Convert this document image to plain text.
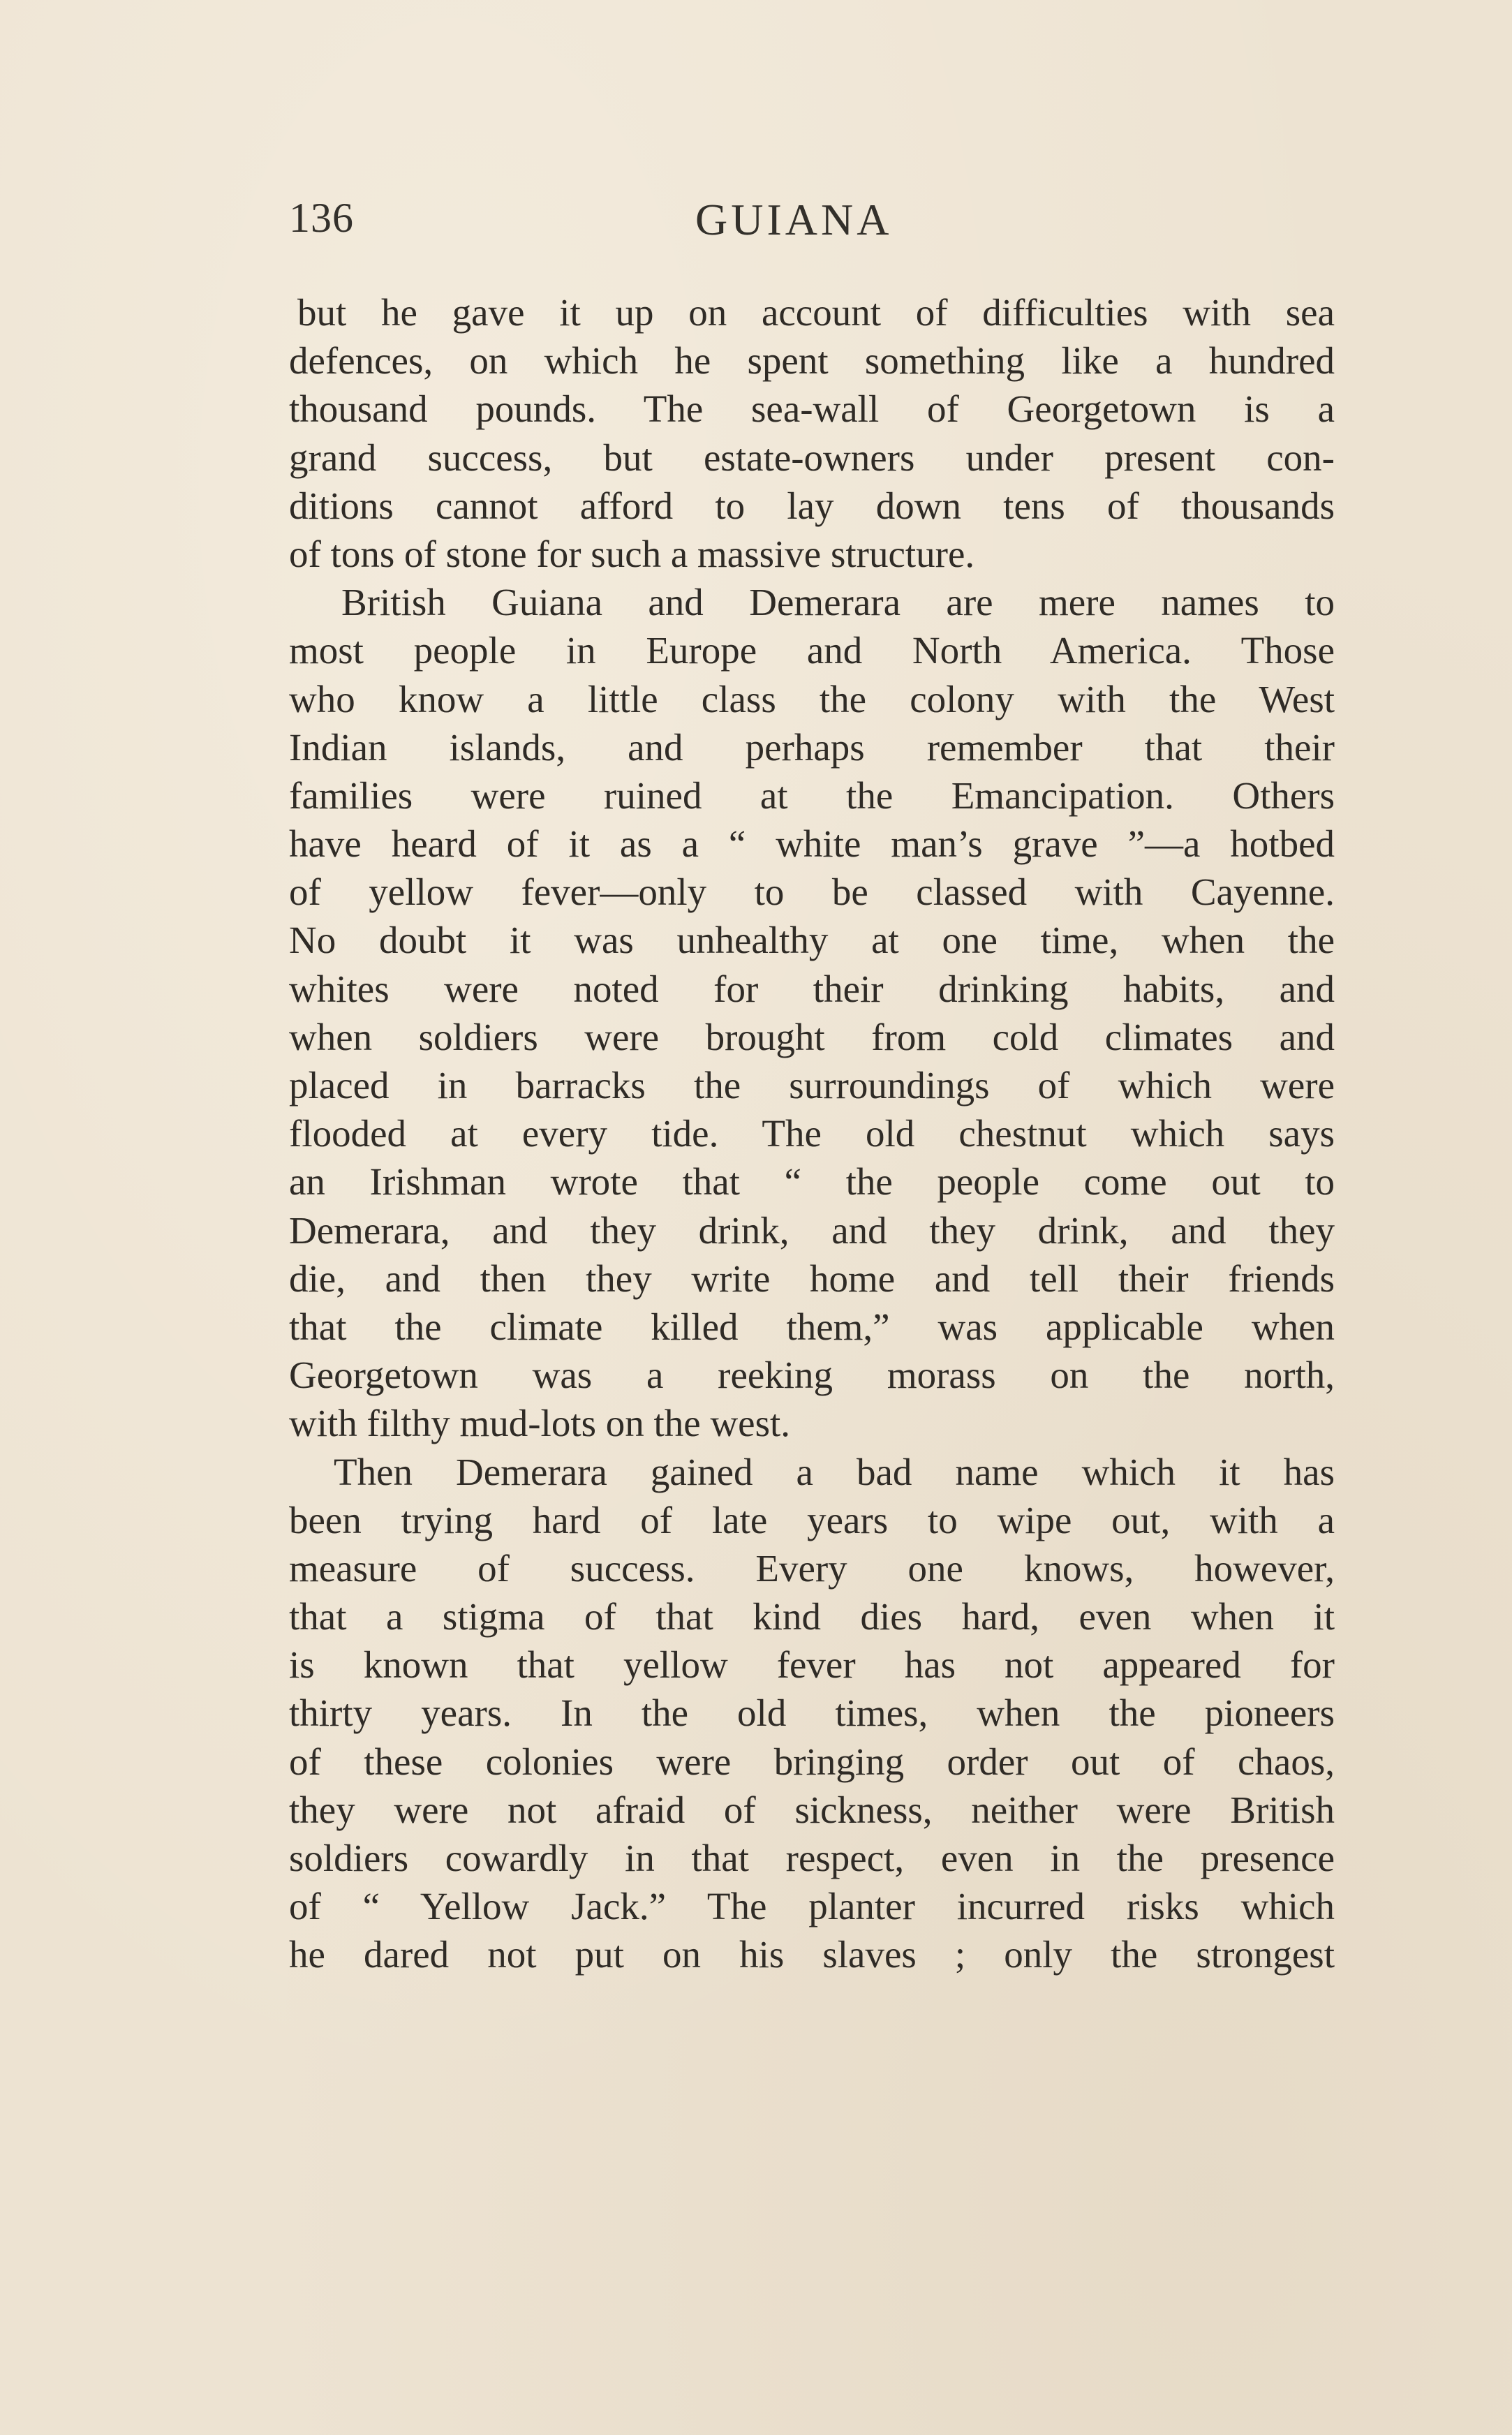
136	GUIANA
but he gave it up on account of difficulties with sea
defences, on which he spent something like a hundred
thousand pounds. The sea-wall of Georgetown is a
grand success, but estate-owners under present con-
ditions cannot afford to lay down tens of thousands
of tons of stone for such a massive structure.
British Guiana and Demerara are mere names to
most people in Europe and North America. Those
who know a little class the colony with the West
Indian islands, and perhaps remember that their
families were ruined at the Emancipation. Others
have heard of it as a “ white man’s grave ”—a hotbed
of yellow fever—only to be classed with Cayenne.
No doubt it was unhealthy at one time, when the
whites were noted for their drinking habits, and
when soldiers were brought from cold climates and
placed in barracks the surroundings of which were
flooded at every tide. The old chestnut which says
an Irishman wrote that “ the people come out to
Demerara, and they drink, and they drink, and they
die, and then they write home and tell their friends
that the climate killed them,” was applicable when
Georgetown was a reeking morass on the north,
with filthy mud-lots on the west.
Then Demerara gained a bad name which it has
been trying hard of late years to wipe out, with a
measure of success. Every one knows, however,
that a stigma of that kind dies hard, even when it
is known that yellow fever has not appeared for
thirty years. In the old times, when the pioneers
of these colonies were bringing order out of chaos,
they were not afraid of sickness, neither were British
soldiers cowardly in that respect, even in the presence
of “ Yellow Jack.” The planter incurred risks which
he dared not put on his slaves ; only the strongest
